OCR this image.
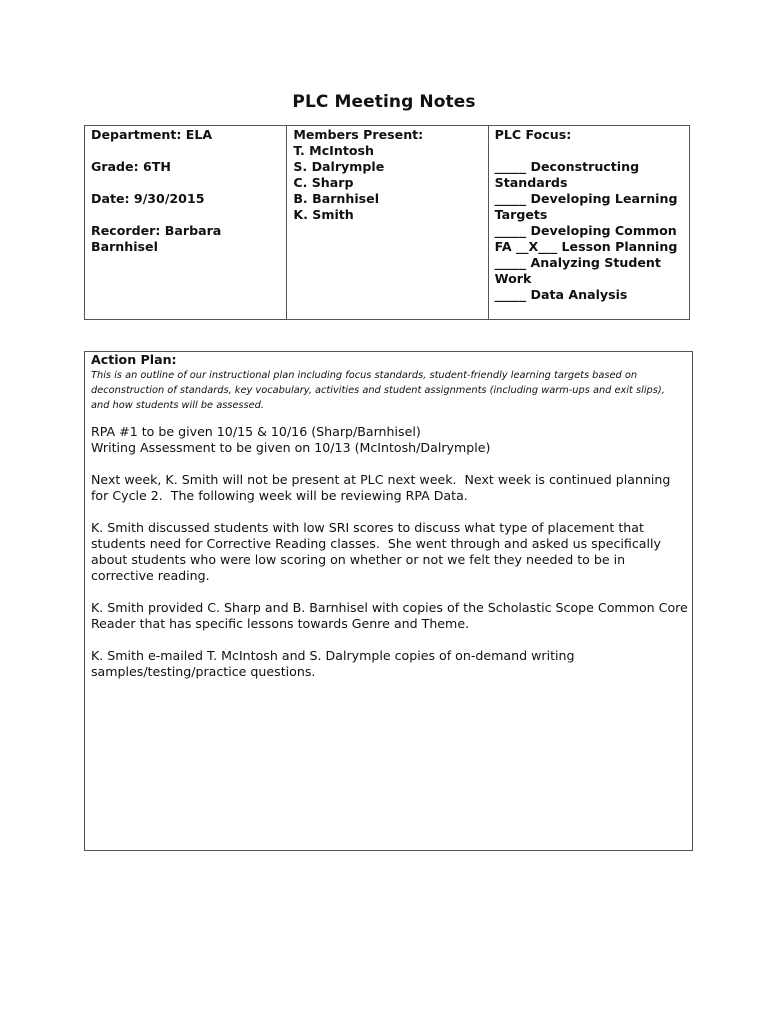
PLC Meeting Notes
Department: ELA
Grade: 6TH
Date: 9/30/2015
Recorder: Barbara
Barnhisel
Members Present:
T. McIntosh
S. Dalrymple
C. Sharp
B. Barnhisel
K. Smith
PLC Focus:
_____ Deconstructing
Standards
_____ Developing Learning
Targets
_____ Developing Common
FA __X___ Lesson Planning
_____ Analyzing Student
Work
_____ Data Analysis
Action Plan:

This is an outline of our instructional plan including focus standards, student-friendly learning targets based on

deconstruction of standards, key vocabulary, activities and student assignments (including warm-ups and exit slips),

and how students will be assessed.

RPA #1 to be given 10/15 & 10/16 (Sharp/Barnhisel)
Writing Assessment to be given on 10/13 (McIntosh/Dalrymple)
Next week, K. Smith will not be present at PLC next week.  Next week is continued planning
for Cycle 2.  The following week will be reviewing RPA Data.
K. Smith discussed students with low SRI scores to discuss what type of placement that
students need for Corrective Reading classes.  She went through and asked us specifically
about students who were low scoring on whether or not we felt they needed to be in
corrective reading.
K. Smith provided C. Sharp and B. Barnhisel with copies of the Scholastic Scope Common Core
Reader that has specific lessons towards Genre and Theme.
K. Smith e-mailed T. McIntosh and S. Dalrymple copies of on-demand writing
samples/testing/practice questions.
